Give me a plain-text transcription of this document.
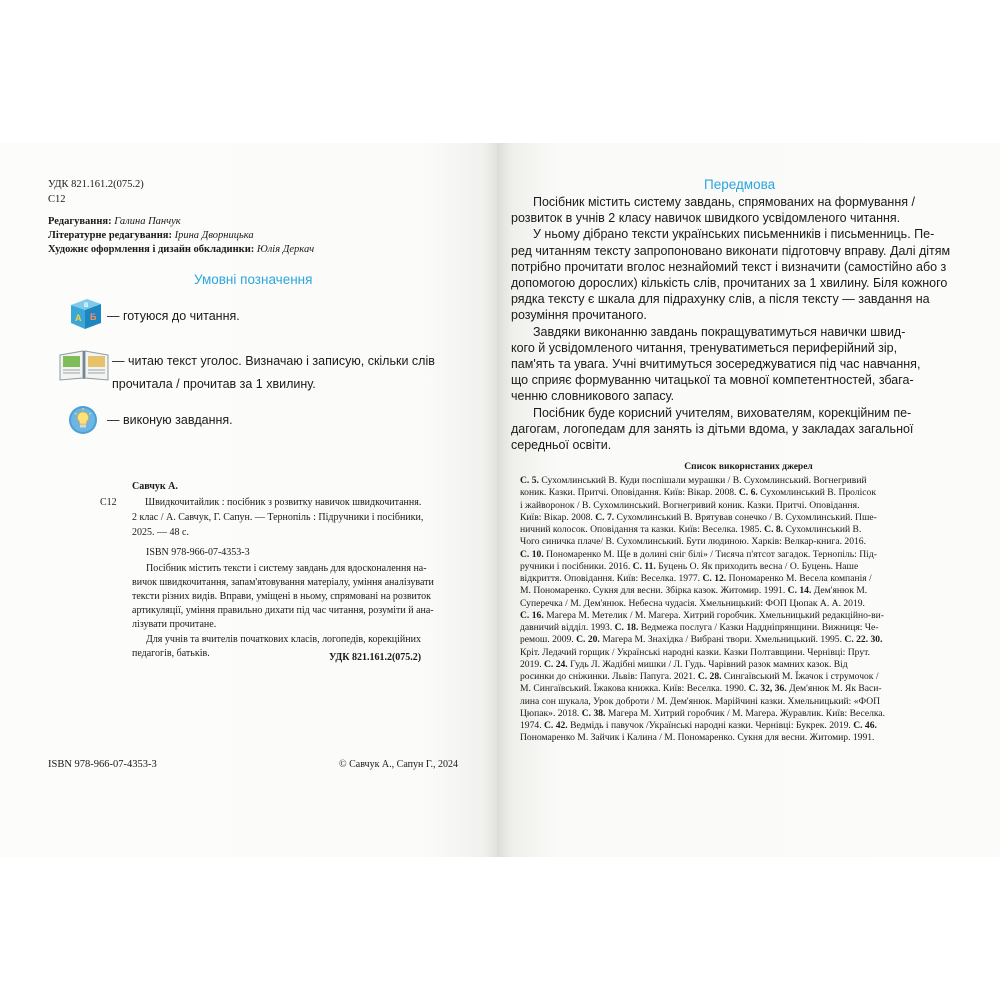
УДК 821.161.2(075.2)
С12
Редагування: Галина Панчук
Літературне редагування: Ірина Дворницька
Художнє оформлення і дизайн обкладинки: Юлія Деркач
Умовні позначення
A Б
В
— готуюся до читання.
— читаю текст уголос. Визначаю і записую, скільки слів
прочитала / прочитав за 1 хвилину.
— виконую завдання.
Савчук А.
С12	Швидкочитайлик : посібник з розвитку навичок швидкочитання.
2 клас / А. Савчук, Г. Сапун. — Тернопіль : Підручники і посібники,
2025. — 48 с.
ISBN 978-966-07-4353-3
Посібник містить тексти і систему завдань для вдосконалення на-
вичок швидкочитання, запам'ятовування матеріалу, уміння аналізувати
тексти різних видів. Вправи, уміщені в ньому, спрямовані на розвиток
артикуляції, уміння правильно дихати під час читання, розуміти й ана-
лізувати прочитане.
Для учнів та вчителів початкових класів, логопедів, корекційних
педагогів, батьків.	УДК 821.161.2(075.2)
ISBN 978-966-07-4353-3	© Савчук А., Сапун Г., 2024
Передмова

Посібник містить систему завдань, спрямованих на формування /
розвиток в учнів 2 класу навичок швидкого усвідомленого читання.

У ньому дібрано тексти українських письменників і письменниць. Пе-
ред читанням тексту запропоновано виконати підготовчу вправу. Далі дітям
потрібно прочитати вголос незнайомий текст і визначити (самостійно або з
допомогою дорослих) кількість слів, прочитаних за 1 хвилину. Біля кожного
рядка тексту є шкала для підрахунку слів, а після тексту — завдання на
розуміння прочитаного.

Завдяки виконанню завдань покращуватимуться навички швид-
кого й усвідомленого читання, тренуватиметься периферійний зір,
пам'ять та увага. Учні вчитимуться зосереджуватися під час навчання,
що сприяє формуванню читацької та мовної компетентностей, збага-
ченню словникового запасу.

Посібник буде корисний учителям, вихователям, корекційним пе-
дагогам, логопедам для занять із дітьми вдома, у закладах загальної
середньої освіти.

Список використаних джерел
С. 5. Сухомлинський В. Куди поспішали мурашки / В. Сухомлинський. Вогнегривий
коник. Казки. Притчі. Оповідання. Київ: Вікар. 2008. С. 6. Сухомлинський В. Пролісок
і жайворонок / В. Сухомлинський. Вогнегривий коник. Казки. Притчі. Оповідання.
Київ: Вікар. 2008. С. 7. Сухомлинський В. Врятував сонечко / В. Сухомлинський. Пше-
ничний колосок. Оповідання та казки. Київ: Веселка. 1985. С. 8. Сухомлинський В.
Чого синичка плаче/ В. Сухомлинський. Бути людиною. Харків: Велкар-книга. 2016.
С. 10. Пономаренко М. Ще в долині сніг білі» / Тисяча п'ятсот загадок. Тернопіль: Під-
ручники і посібники. 2016. С. 11. Буцень О. Як приходить весна / О. Буцень. Наше
відкриття. Оповідання. Київ: Веселка. 1977. С. 12. Пономаренко М. Весела компанія /
М. Пономаренко. Сукня для весни. Збірка казок. Житомир. 1991. С. 14. Дем'янюк М.
Суперечка / М. Дем'янюк. Небесна чудасія. Хмельницький: ФОП Цюпак А. А. 2019.
С. 16. Магера М. Метелик / М. Магера. Хитрий горобчик. Хмельницький редакційно-ви-
давничий відділ. 1993. С. 18. Ведмежа послуга / Казки Наддніпрянщини. Вижниця: Че-
ремош. 2009. С. 20. Магера М. Знахідка / Вибрані твори. Хмельницький. 1995. С. 22. 30.
Кріт. Ледачий горщик / Українські народні казки. Казки Полтавщини. Чернівці: Прут.
2019. С. 24. Гудь Л. Жадібні мишки / Л. Гудь. Чарівний разок мамних казок. Від
росинки до сніжинки. Львів: Папуга. 2021. С. 28. Сингаївський М. Їжачок і струмочок /
М. Сингаївський. Їжакова книжка. Київ: Веселка. 1990. С. 32, 36. Дем'янюк М. Як Васи-
лина сон шукала, Урок доброти / М. Дем'янюк. Марійчині казки. Хмельницький: «ФОП
Цюпак». 2018. С. 38. Магера М. Хитрий горобчик / М. Магера. Журавлик. Київ: Веселка.
1974. С. 42. Ведмідь і павучок /Українські народні казки. Чернівці: Букрек. 2019. С. 46.
Пономаренко М. Зайчик і Калина / М. Пономаренко. Сукня для весни. Житомир. 1991.
